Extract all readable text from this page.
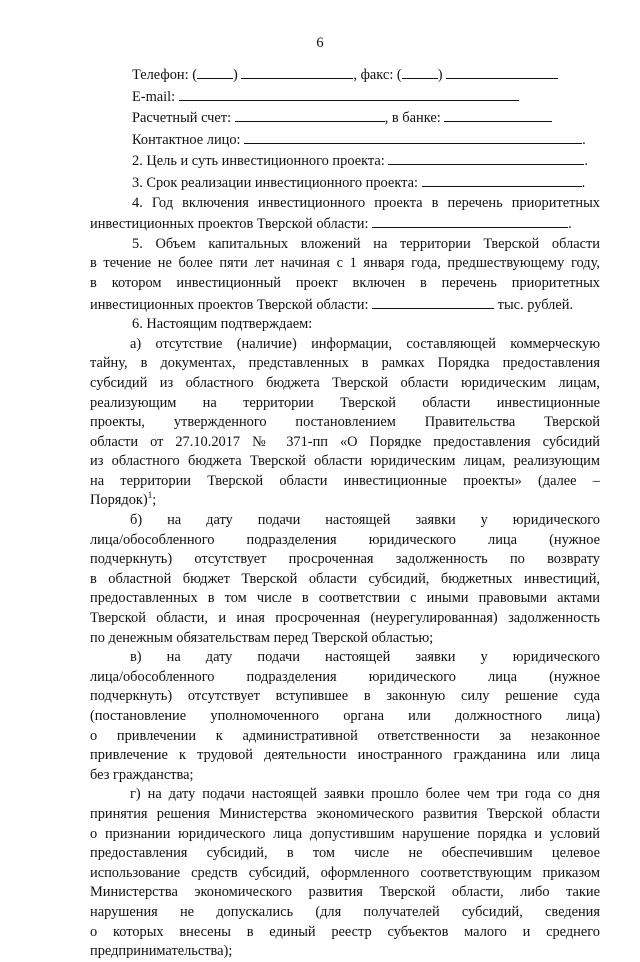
6
Телефон: (	)	, факс: (	)
E-mail:
Расчетный счет:	, в банке:
Контактное лицо:	.
2. Цель и суть инвестиционного проекта:	.
3. Срок реализации инвестиционного проекта:	.
4. Год включения инвестиционного проекта в перечень приоритетных
инвестиционных проектов Тверской области:	.
5. Объем капитальных вложений на территории Тверской области
в течение не более пяти лет начиная с 1 января года, предшествующему году,
в котором инвестиционный проект включен в перечень приоритетных
инвестиционных проектов Тверской области:	тыс. рублей.
6. Настоящим подтверждаем:
а) отсутствие (наличие) информации, составляющей коммерческую
тайну, в документах, представленных в рамках Порядка предоставления
субсидий из областного бюджета Тверской области юридическим лицам,
реализующим на территории Тверской области инвестиционные
проекты, утвержденного постановлением Правительства Тверской
области от 27.10.2017 № 371-пп «О Порядке предоставления субсидий
из областного бюджета Тверской области юридическим лицам, реализующим
на территории Тверской области инвестиционные проекты» (далее –
Порядок)$^1$;
б) на дату подачи настоящей заявки у юридического
лица/обособленного подразделения юридического лица (нужное
подчеркнуть) отсутствует просроченная задолженность по возврату
в областной бюджет Тверской области субсидий, бюджетных инвестиций,
предоставленных в том числе в соответствии с иными правовыми актами
Тверской области, и иная просроченная (неурегулированная) задолженность
по денежным обязательствам перед Тверской областью;
в) на дату подачи настоящей заявки у юридического
лица/обособленного подразделения юридического лица (нужное
подчеркнуть) отсутствует вступившее в законную силу решение суда
(постановление уполномоченного органа или должностного лица)
о привлечении к административной ответственности за незаконное
привлечение к трудовой деятельности иностранного гражданина или лица
без гражданства;
г) на дату подачи настоящей заявки прошло более чем три года со дня
принятия решения Министерства экономического развития Тверской области
о признании юридического лица допустившим нарушение порядка и условий
предоставления субсидий, в том числе не обеспечившим целевое
использование средств субсидий, оформленного соответствующим приказом
Министерства экономического развития Тверской области, либо такие
нарушения не допускались (для получателей субсидий, сведения
о которых внесены в единый реестр субъектов малого и среднего
предпринимательства);
